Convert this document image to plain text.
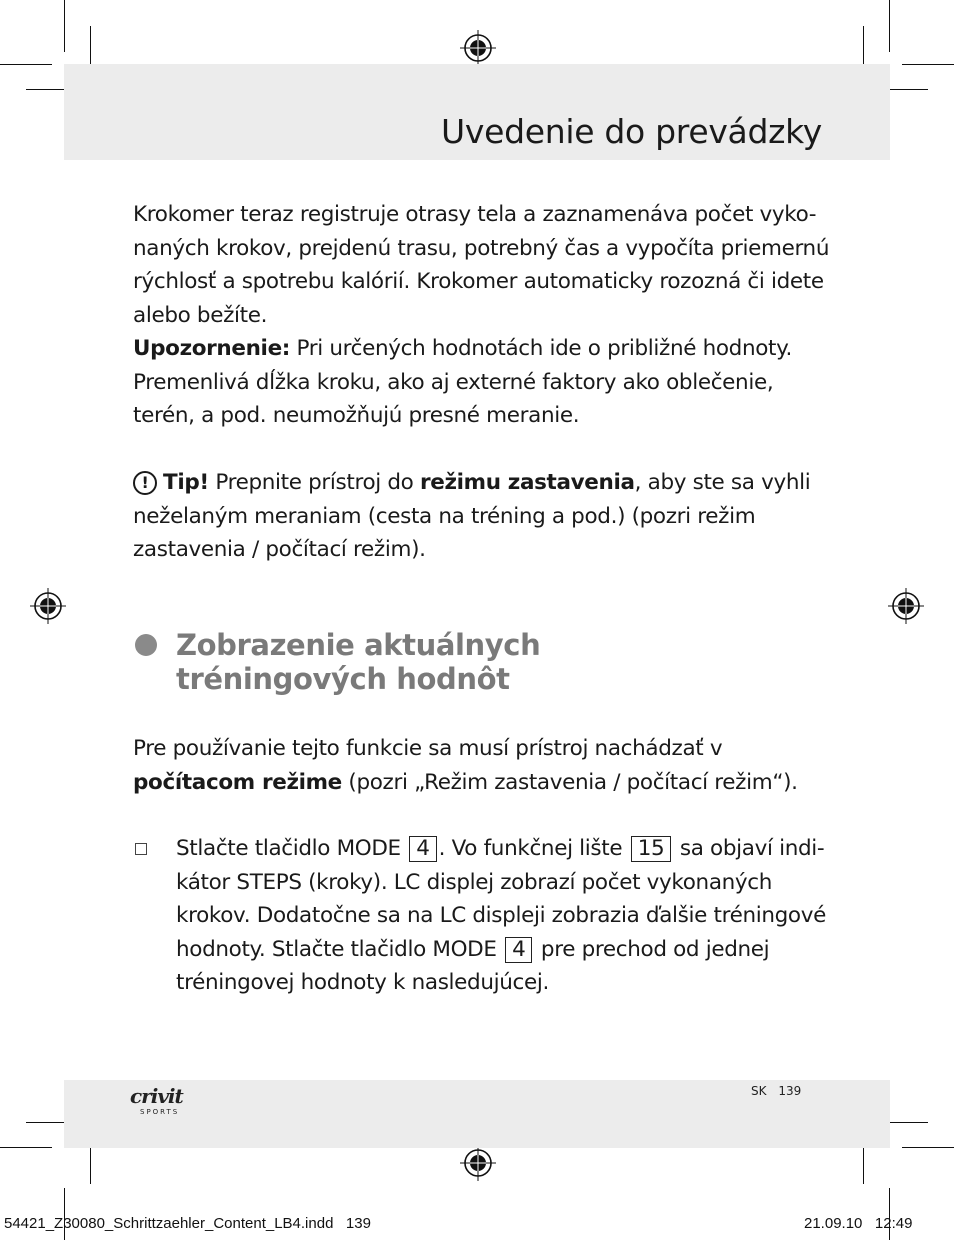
Uvedenie do prevádzky

Krokomer teraz registruje otrasy tela a zaznamenáva počet vyko- naných krokov, prejdenú trasu, potrebný čas a vypočíta priemernú rýchlosť a spotrebu kalórií. Krokomer automaticky rozozná či idete alebo bežíte.

Upozornenie: Pri určených hodnotách ide o približné hodnoty. Premenlivá dĺžka kroku, ako aj externé faktory ako oblečenie, terén, a pod. neumožňujú presné meranie.

! Tip! Prepnite prístroj do režimu zastavenia, aby ste sa vyhli neželaným meraniam (cesta na tréning a pod.) (pozri režim zastavenia / počítací režim).

Zobrazenie aktuálnych
tréningových hodnôt

Pre používanie tejto funkcie sa musí prístroj nachádzať v počítacom režime (pozri „Režim zastavenia / počítací režim“).

Stlačte tlačidlo MODE 4 . Vo funkčnej lište 15 sa objaví indi- kátor STEPS (kroky). LC displej zobrazí počet vykonaných krokov. Dodatočne sa na LC displeji zobrazia ďalšie tréningové hodnoty. Stlačte tlačidlo MODE 4 pre prechod od jednej tréningovej hodnoty k nasledujúcej.
crivit
SPORTS
SK 139
54421_Z30080_Schrittzaehler_Content_LB4.indd   139	21.09.10   12:49
